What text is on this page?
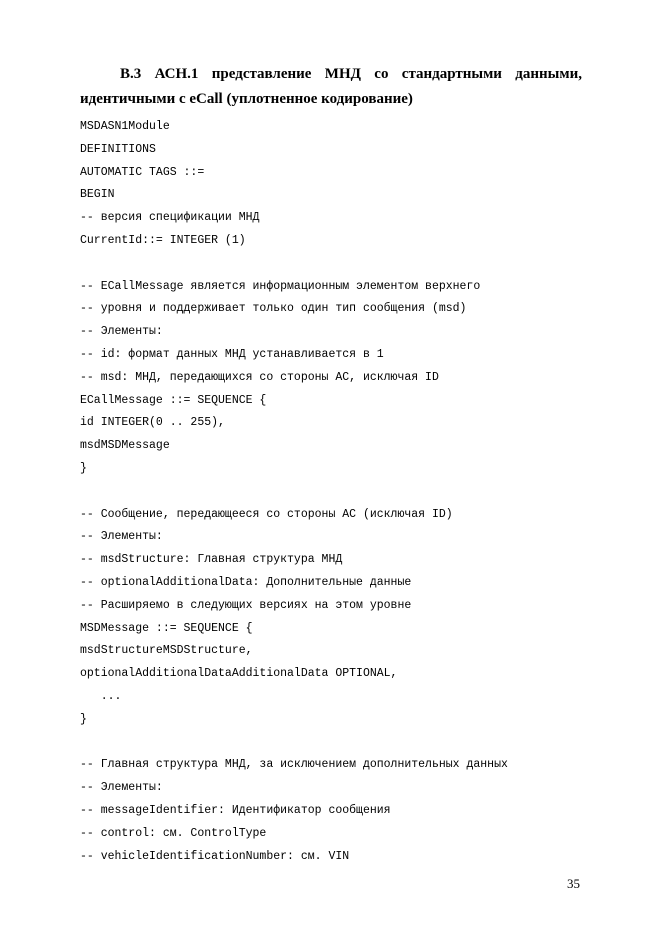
В.3 АСН.1 представление МНД со стандартными данными,
идентичными с eCall (уплотненное кодирование)
MSDASN1Module
DEFINITIONS
AUTOMATIC TAGS ::=
BEGIN
-- версия спецификации МНД
CurrentId::= INTEGER (1)
-- ECallMessage является информационным элементом верхнего
-- уровня и поддерживает только один тип сообщения (msd)
-- Элементы:
-- id: формат данных МНД устанавливается в 1
-- msd: МНД, передающихся со стороны АС, исключая ID
ECallMessage ::= SEQUENCE {
id INTEGER(0 .. 255),
msdMSDMessage
}
-- Сообщение, передающееся со стороны АС (исключая ID)
-- Элементы:
-- msdStructure: Главная структура МНД
-- optionalAdditionalData: Дополнительные данные
-- Расширяемо в следующих версиях на этом уровне
MSDMessage ::= SEQUENCE {
msdStructureMSDStructure,
optionalAdditionalDataAdditionalData OPTIONAL,
...
}
-- Главная структура МНД, за исключением дополнительных данных
-- Элементы:
-- messageIdentifier: Идентификатор сообщения
-- control: см. ControlType
-- vehicleIdentificationNumber: см. VIN
35
